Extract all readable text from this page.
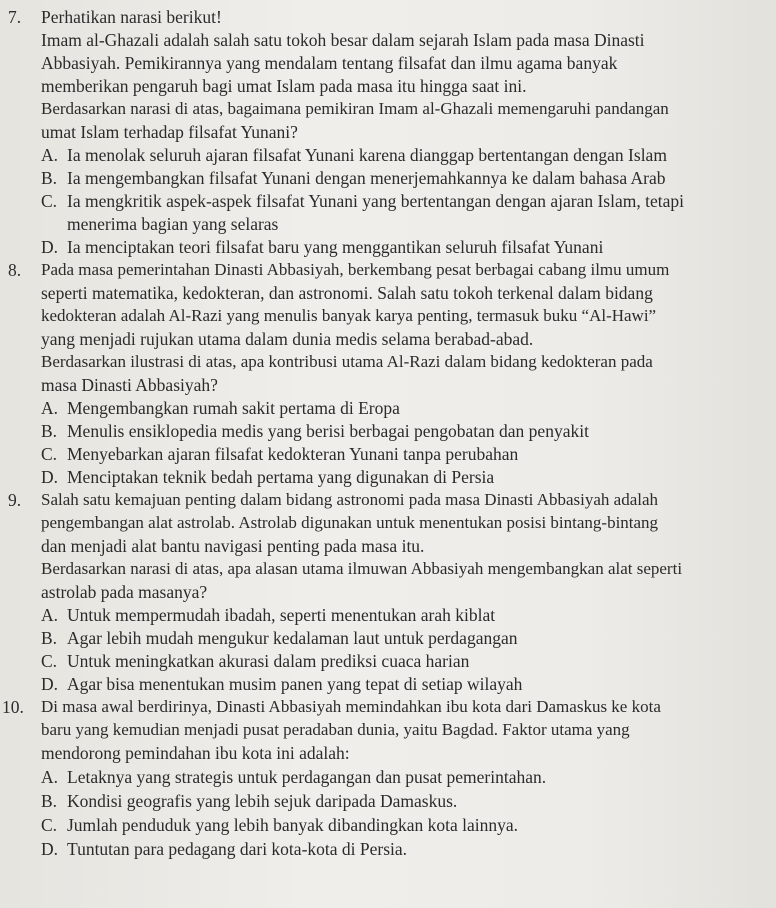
7. Perhatikan narasi berikut!
Imam al-Ghazali adalah salah satu tokoh besar dalam sejarah Islam pada masa Dinasti
Abbasiyah. Pemikirannya yang mendalam tentang filsafat dan ilmu agama banyak
memberikan pengaruh bagi umat Islam pada masa itu hingga saat ini.
Berdasarkan narasi di atas, bagaimana pemikiran Imam al-Ghazali memengaruhi pandangan
umat Islam terhadap filsafat Yunani?
A. Ia menolak seluruh ajaran filsafat Yunani karena dianggap bertentangan dengan Islam
B. Ia mengembangkan filsafat Yunani dengan menerjemahkannya ke dalam bahasa Arab
C. Ia mengkritik aspek-aspek filsafat Yunani yang bertentangan dengan ajaran Islam, tetapi
menerima bagian yang selaras
D. Ia menciptakan teori filsafat baru yang menggantikan seluruh filsafat Yunani
8. Pada masa pemerintahan Dinasti Abbasiyah, berkembang pesat berbagai cabang ilmu umum
seperti matematika, kedokteran, dan astronomi. Salah satu tokoh terkenal dalam bidang
kedokteran adalah Al-Razi yang menulis banyak karya penting, termasuk buku “Al-Hawi”
yang menjadi rujukan utama dalam dunia medis selama berabad-abad.
Berdasarkan ilustrasi di atas, apa kontribusi utama Al-Razi dalam bidang kedokteran pada
masa Dinasti Abbasiyah?
A. Mengembangkan rumah sakit pertama di Eropa
B. Menulis ensiklopedia medis yang berisi berbagai pengobatan dan penyakit
C. Menyebarkan ajaran filsafat kedokteran Yunani tanpa perubahan
D. Menciptakan teknik bedah pertama yang digunakan di Persia
9. Salah satu kemajuan penting dalam bidang astronomi pada masa Dinasti Abbasiyah adalah
pengembangan alat astrolab. Astrolab digunakan untuk menentukan posisi bintang-bintang
dan menjadi alat bantu navigasi penting pada masa itu.
Berdasarkan narasi di atas, apa alasan utama ilmuwan Abbasiyah mengembangkan alat seperti
astrolab pada masanya?
A. Untuk mempermudah ibadah, seperti menentukan arah kiblat
B. Agar lebih mudah mengukur kedalaman laut untuk perdagangan
C. Untuk meningkatkan akurasi dalam prediksi cuaca harian
D. Agar bisa menentukan musim panen yang tepat di setiap wilayah
10. Di masa awal berdirinya, Dinasti Abbasiyah memindahkan ibu kota dari Damaskus ke kota
baru yang kemudian menjadi pusat peradaban dunia, yaitu Bagdad. Faktor utama yang
mendorong pemindahan ibu kota ini adalah:
A. Letaknya yang strategis untuk perdagangan dan pusat pemerintahan.
B. Kondisi geografis yang lebih sejuk daripada Damaskus.
C. Jumlah penduduk yang lebih banyak dibandingkan kota lainnya.
D. Tuntutan para pedagang dari kota-kota di Persia.
